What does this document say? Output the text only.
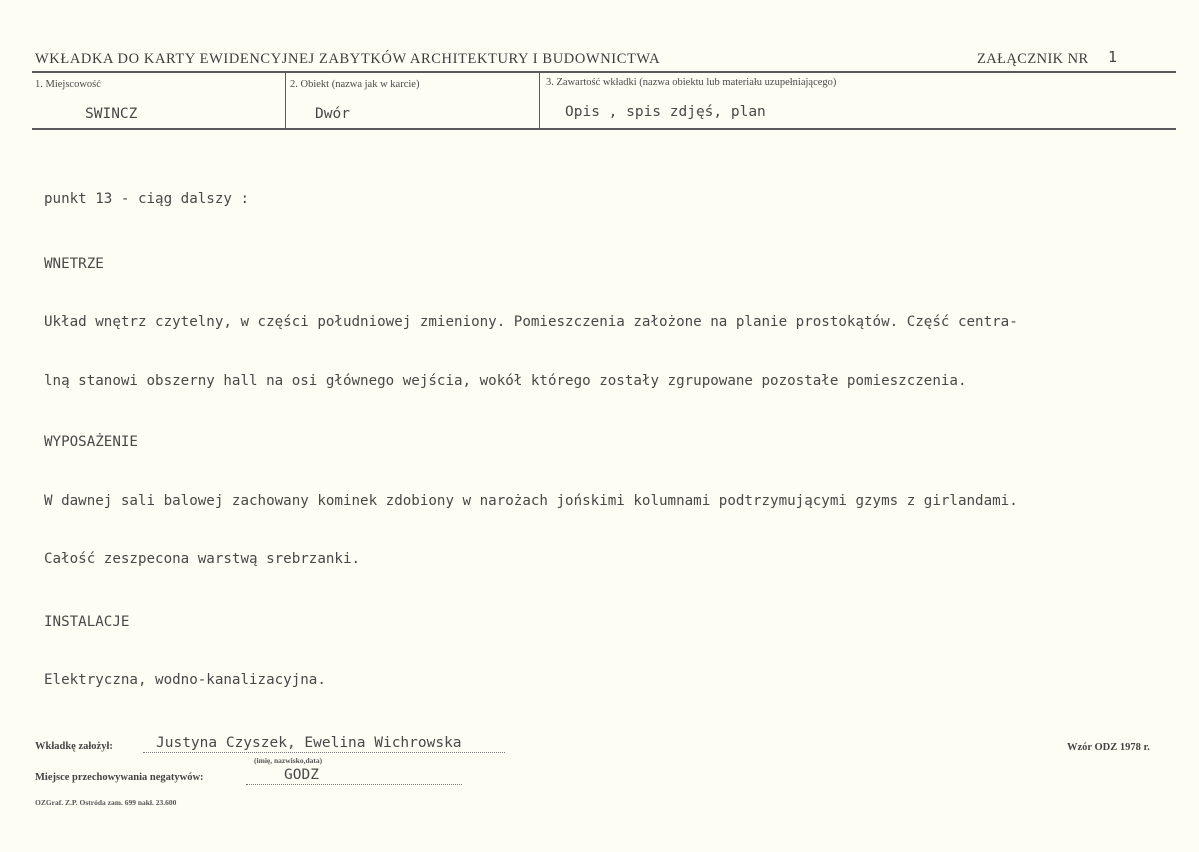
WKŁADKA DO KARTY EWIDENCYJNEJ ZABYTKÓW ARCHITEKTURY I BUDOWNICTWA	ZAŁĄCZNIK NR 1
1. Miejscowość
SWINCZ
2. Obiekt (nazwa jak w karcie)
Dwór
3. Zawartość wkładki (nazwa obiektu lub materiału uzupełniającego)
Opis , spis zdjęś, plan

punkt 13 - ciąg dalszy :

WNETRZE

Układ wnętrz czytelny, w części południowej zmieniony. Pomieszczenia założone na planie prostokątów. Część centra-

lną stanowi obszerny hall na osi głównego wejścia, wokół którego zostały zgrupowane pozostałe pomieszczenia.

WYPOSAŻENIE

W dawnej sali balowej zachowany kominek zdobiony w narożach jońskimi kolumnami podtrzymującymi gzyms z girlandami.

Całość zeszpecona warstwą srebrzanki.

INSTALACJE

Elektryczna, wodno-kanalizacyjna.

Wkładkę założył:	Justyna Czyszek, Ewelina Wichrowska
(imię, nazwisko,data)
Miejsce przechowywania negatywów:	GODZ
OZGraf. Z.P. Ostróda zam. 699 nakł. 23.600
Wzór ODZ 1978 r.
